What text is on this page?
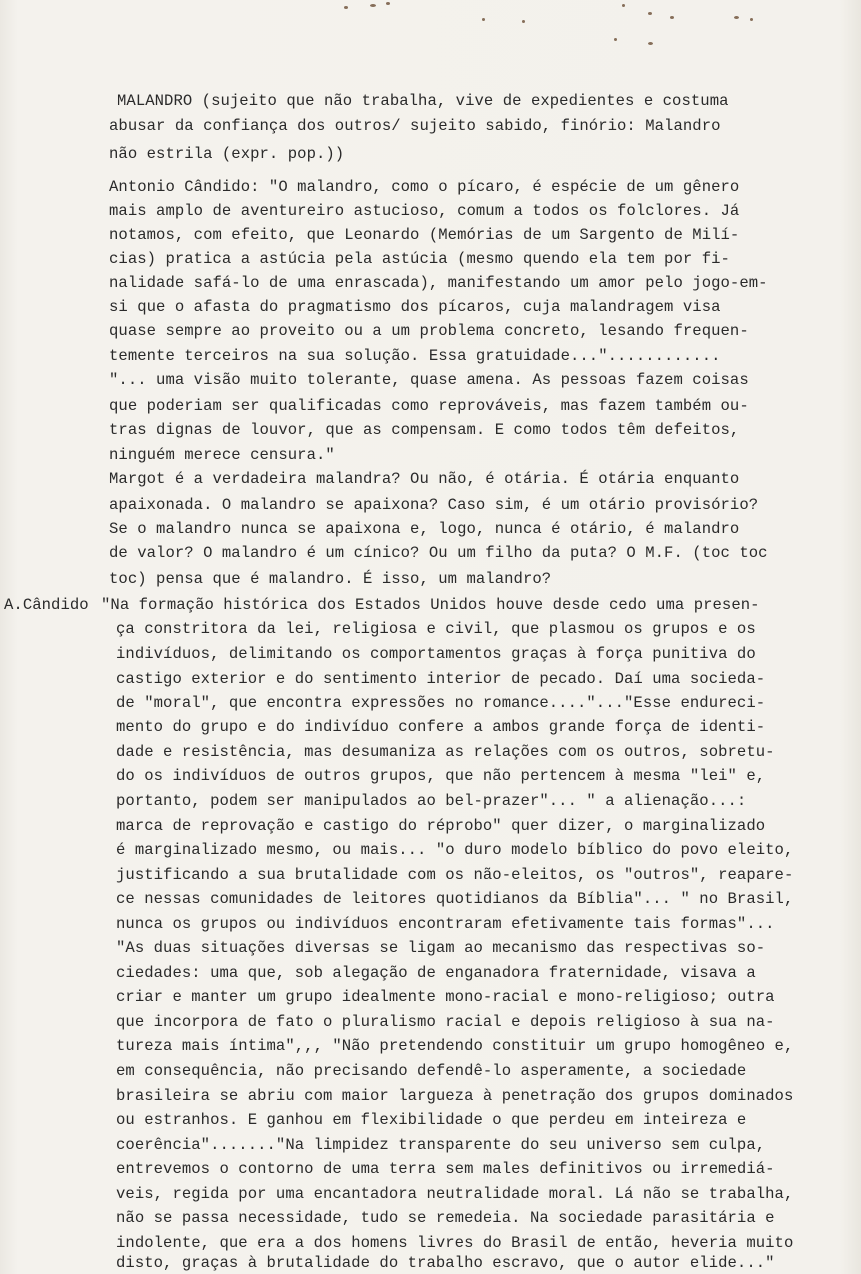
MALANDRO (sujeito que não trabalha, vive de expedientes e costuma
abusar da confiança dos outros/ sujeito sabido, finório: Malandro
não estrila (expr. pop.))
Antonio Cândido: "O malandro, como o pícaro, é espécie de um gênero
mais amplo de aventureiro astucioso, comum a todos os folclores. Já
notamos, com efeito, que Leonardo (Memórias de um Sargento de Milí-
cias) pratica a astúcia pela astúcia (mesmo quendo ela tem por fi-
nalidade safá-lo de uma enrascada), manifestando um amor pelo jogo-em-
si que o afasta do pragmatismo dos pícaros, cuja malandragem visa
quase sempre ao proveito ou a um problema concreto, lesando frequen-
temente terceiros na sua solução. Essa gratuidade..."............
"... uma visão muito tolerante, quase amena. As pessoas fazem coisas
que poderiam ser qualificadas como reprováveis, mas fazem também ou-
tras dignas de louvor, que as compensam. E como todos têm defeitos,
ninguém merece censura."
Margot é a verdadeira malandra? Ou não, é otária. É otária enquanto
apaixonada. O malandro se apaixona? Caso sim, é um otário provisório?
Se o malandro nunca se apaixona e, logo, nunca é otário, é malandro
de valor? O malandro é um cínico? Ou um filho da puta? O M.F. (toc toc
toc) pensa que é malandro. É isso, um malandro?
A.Cândido "Na formação histórica dos Estados Unidos houve desde cedo uma presen-
ça constritora da lei, religiosa e civil, que plasmou os grupos e os
indivíduos, delimitando os comportamentos graças à força punitiva do
castigo exterior e do sentimento interior de pecado. Daí uma socieda-
de "moral", que encontra expressões no romance...."..."Esse endureci-
mento do grupo e do indivíduo confere a ambos grande força de identi-
dade e resistência, mas desumaniza as relações com os outros, sobretu-
do os indivíduos de outros grupos, que não pertencem à mesma "lei" e,
portanto, podem ser manipulados ao bel-prazer"... " a alienação...:
marca de reprovação e castigo do réprobo" quer dizer, o marginalizado
é marginalizado mesmo, ou mais... "o duro modelo bíblico do povo eleito,
justificando a sua brutalidade com os não-eleitos, os "outros", reapare-
ce nessas comunidades de leitores quotidianos da Bíblia"... " no Brasil,
nunca os grupos ou indivíduos encontraram efetivamente tais formas"...
"As duas situações diversas se ligam ao mecanismo das respectivas so-
ciedades: uma que, sob alegação de enganadora fraternidade, visava a
criar e manter um grupo idealmente mono-racial e mono-religioso; outra
que incorpora de fato o pluralismo racial e depois religioso à sua na-
tureza mais íntima",,, "Não pretendendo constituir um grupo homogêneo e,
em consequência, não precisando defendê-lo asperamente, a sociedade
brasileira se abriu com maior largueza à penetração dos grupos dominados
ou estranhos. E ganhou em flexibilidade o que perdeu em inteireza e
coerência"......."Na limpidez transparente do seu universo sem culpa,
entrevemos o contorno de uma terra sem males definitivos ou irremediá-
veis, regida por uma encantadora neutralidade moral. Lá não se trabalha,
não se passa necessidade, tudo se remedeia. Na sociedade parasitária e
indolente, que era a dos homens livres do Brasil de então, heveria muito
disto, graças à brutalidade do trabalho escravo, que o autor elide..."
